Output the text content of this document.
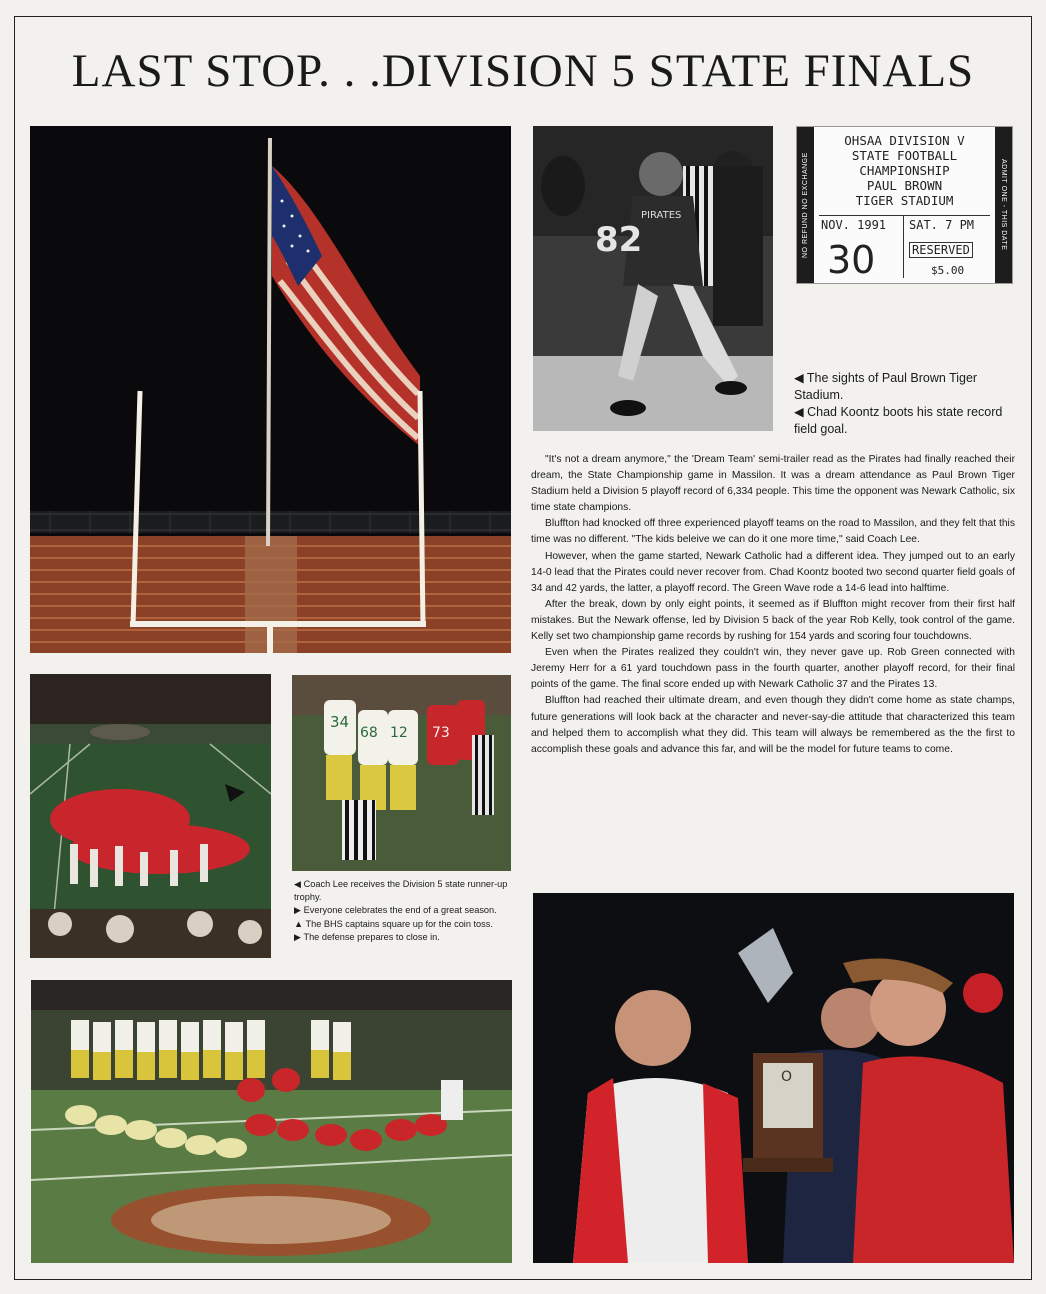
LAST STOP. . .DIVISION 5 STATE FINALS
PIRATES
82	NO REFUND NO EXCHANGE
OHSAA DIVISION V
STATE FOOTBALL
CHAMPIONSHIP
PAUL BROWN
TIGER STADIUM
NOV. 1991
30
SAT. 7 PM
RESERVED
$5.00
ADMIT ONE - THIS DATE

◀ The sights of Paul Brown Tiger Stadium.

◀ Chad Koontz boots his state record field goal.

"It's not a dream anymore," the 'Dream Team' semi-trailer read as the Pirates had finally reached their dream, the State Championship game in Massilon. It was a dream attendance as Paul Brown Tiger Stadium held a Division 5 playoff record of 6,334 people. This time the opponent was Newark Catholic, six time state champions.

Bluffton had knocked off three experienced playoff teams on the road to Massilon, and they felt that this time was no different. "The kids beleive we can do it one more time," said Coach Lee.

However, when the game started, Newark Catholic had a different idea. They jumped out to an early 14-0 lead that the Pirates could never recover from. Chad Koontz booted two second quarter field goals of 34 and 42 yards, the latter, a playoff record. The Green Wave rode a 14-6 lead into halftime.

After the break, down by only eight points, it seemed as if Bluffton might recover from their first half mistakes. But the Newark offense, led by Division 5 back of the year Rob Kelly, took control of the game. Kelly set two championship game records by rushing for 154 yards and scoring four touchdowns.

Even when the Pirates realized they couldn't win, they never gave up. Rob Green connected with Jeremy Herr for a 61 yard touchdown pass in the fourth quarter, another playoff record, for their final points of the game. The final score ended up with Newark Catholic 37 and the Pirates 13.

Bluffton had reached their ultimate dream, and even though they didn't come home as state champs, future generations will look back at the character and never-say-die attitude that characterized this team and helped them to accomplish what they did. This team will always be remembered as the the first to accomplish these goals and advance this far, and will be the model for future teams to come.

34
68 12 73

◀ Coach Lee receives the Division 5 state runner-up trophy.

▶ Everyone celebrates the end of a great season.

▲ The BHS captains square up for the coin toss.

▶ The defense prepares to close in.

O
